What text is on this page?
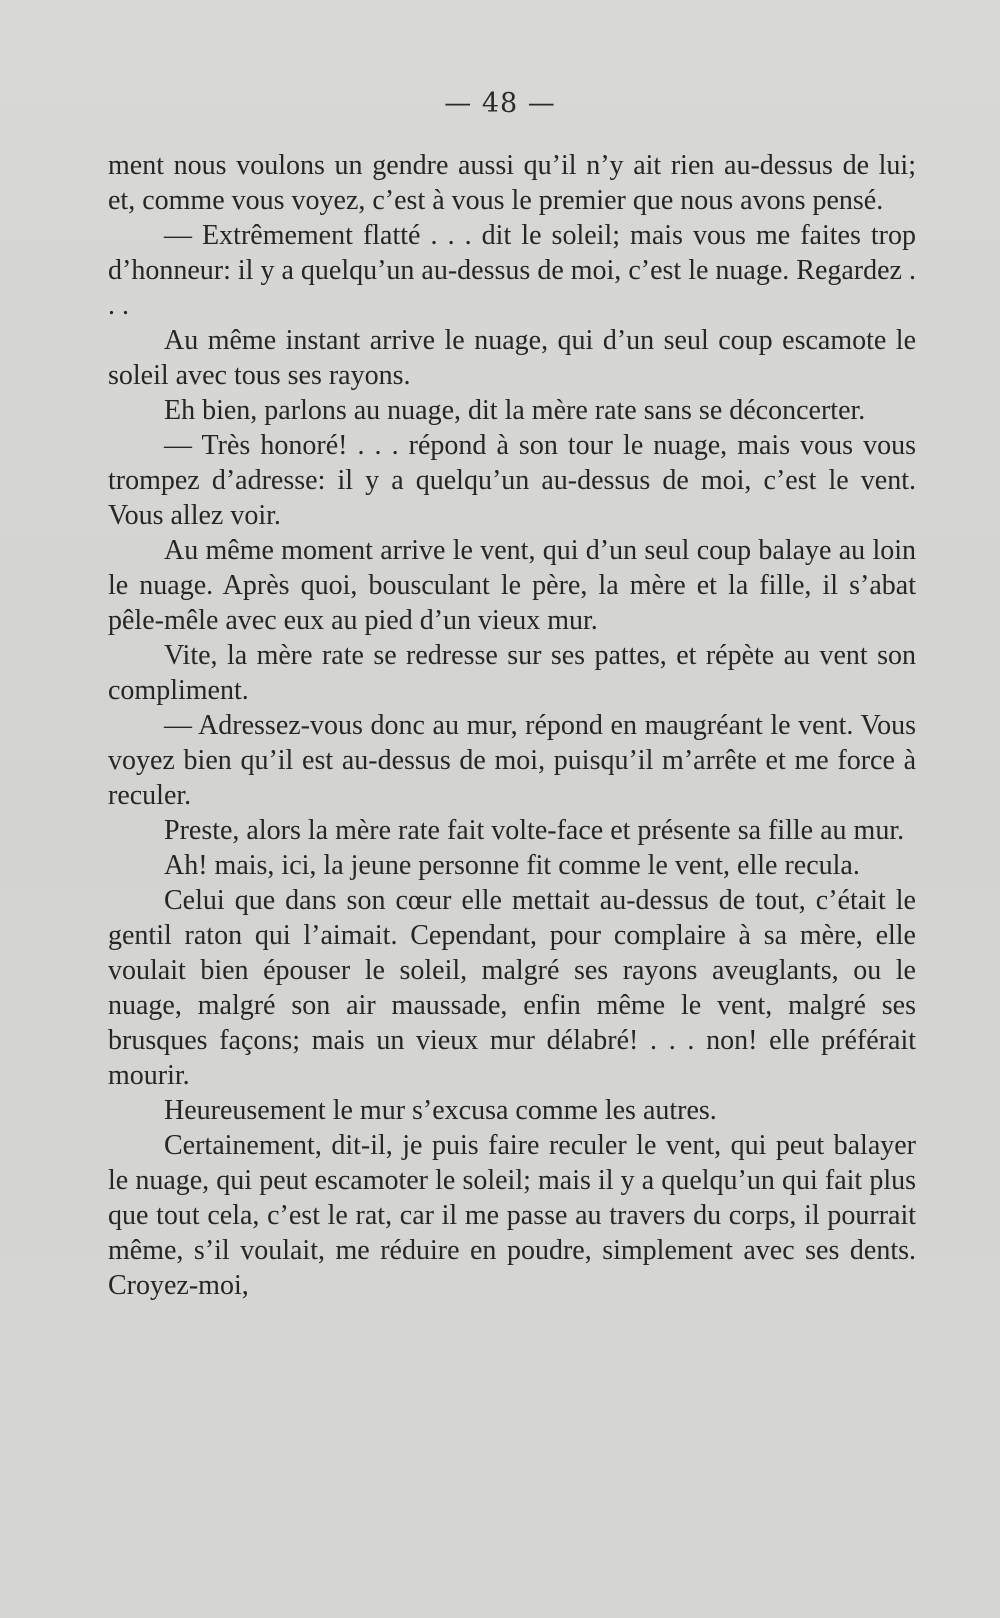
— 48 —

ment nous voulons un gendre aussi qu’il n’y ait rien au-dessus de lui; et, comme vous voyez, c’est à vous le premier que nous avons pensé.

— Extrêmement flatté . . . dit le soleil; mais vous me faites trop d’honneur: il y a quelqu’un au-dessus de moi, c’est le nuage. Regardez . . .

Au même instant arrive le nuage, qui d’un seul coup escamote le soleil avec tous ses rayons.

Eh bien, parlons au nuage, dit la mère rate sans se déconcerter.

— Très honoré! . . . répond à son tour le nuage, mais vous vous trompez d’adresse: il y a quelqu’un au-dessus de moi, c’est le vent. Vous allez voir.

Au même moment arrive le vent, qui d’un seul coup balaye au loin le nuage. Après quoi, bousculant le père, la mère et la fille, il s’abat pêle-mêle avec eux au pied d’un vieux mur.

Vite, la mère rate se redresse sur ses pattes, et répète au vent son compliment.

— Adressez-vous donc au mur, répond en maugréant le vent. Vous voyez bien qu’il est au-dessus de moi, puisqu’il m’arrête et me force à reculer.

Preste, alors la mère rate fait volte-face et présente sa fille au mur.

Ah! mais, ici, la jeune personne fit comme le vent, elle recula.

Celui que dans son cœur elle mettait au-dessus de tout, c’était le gentil raton qui l’aimait. Cependant, pour complaire à sa mère, elle voulait bien épouser le soleil, malgré ses rayons aveuglants, ou le nuage, malgré son air maussade, enfin même le vent, malgré ses brusques façons; mais un vieux mur délabré! . . . non! elle préférait mourir.

Heureusement le mur s’excusa comme les autres.

Certainement, dit-il, je puis faire reculer le vent, qui peut balayer le nuage, qui peut escamoter le soleil; mais il y a quelqu’un qui fait plus que tout cela, c’est le rat, car il me passe au travers du corps, il pourrait même, s’il voulait, me réduire en poudre, simplement avec ses dents. Croyez-moi,
